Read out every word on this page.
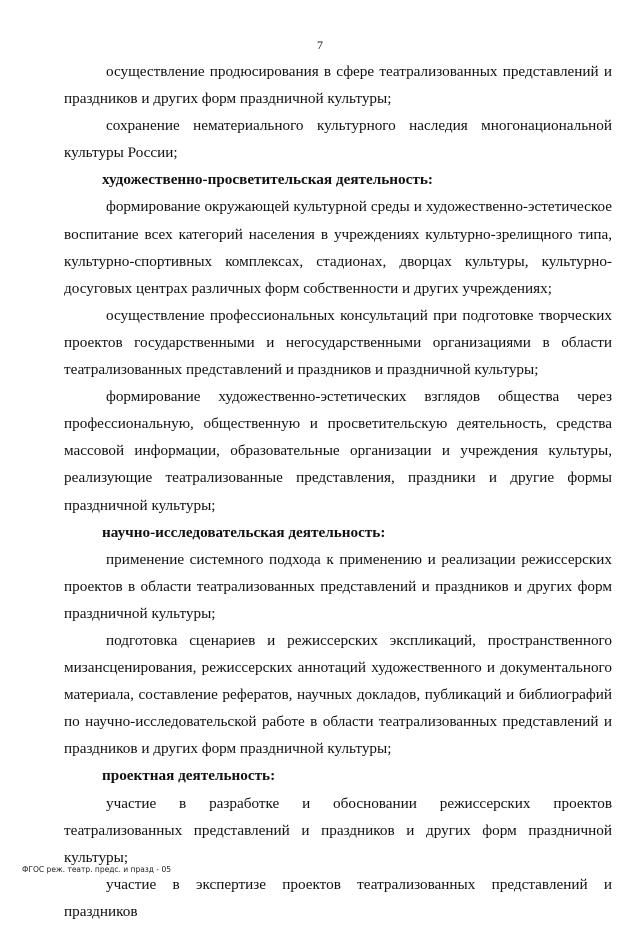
7

осуществление продюсирования в сфере театрализованных представлений и праздников и других форм праздничной культуры;

сохранение нематериального культурного наследия многонациональной культуры России;

художественно-просветительская деятельность:

формирование окружающей культурной среды и художественно-эстетическое воспитание всех категорий населения в учреждениях культурно-зрелищного типа, культурно-спортивных комплексах, стадионах, дворцах культуры, культурно-досуговых центрах различных форм собственности и других учреждениях;

осуществление профессиональных консультаций при подготовке творческих проектов государственными и негосударственными организациями в области театрализованных представлений и праздников и праздничной культуры;

формирование художественно-эстетических взглядов общества через профессиональную, общественную и просветительскую деятельность, средства массовой информации, образовательные организации и учреждения культуры, реализующие театрализованные представления, праздники и другие формы праздничной культуры;

научно-исследовательская деятельность:

применение системного подхода к применению и реализации режиссерских проектов в области театрализованных представлений и праздников и других форм праздничной культуры;

подготовка сценариев и режиссерских экспликаций, пространственного мизансценирования, режиссерских аннотаций художественного и документального материала, составление рефератов, научных докладов, публикаций и библиографий по научно-исследовательской работе в области театрализованных представлений и праздников и других форм праздничной культуры;

проектная деятельность:

участие в разработке и обосновании режиссерских проектов театрализованных представлений и праздников и других форм праздничной культуры;

участие в экспертизе проектов театрализованных представлений и праздников

ФГОС реж. театр. предс. и празд - 05
